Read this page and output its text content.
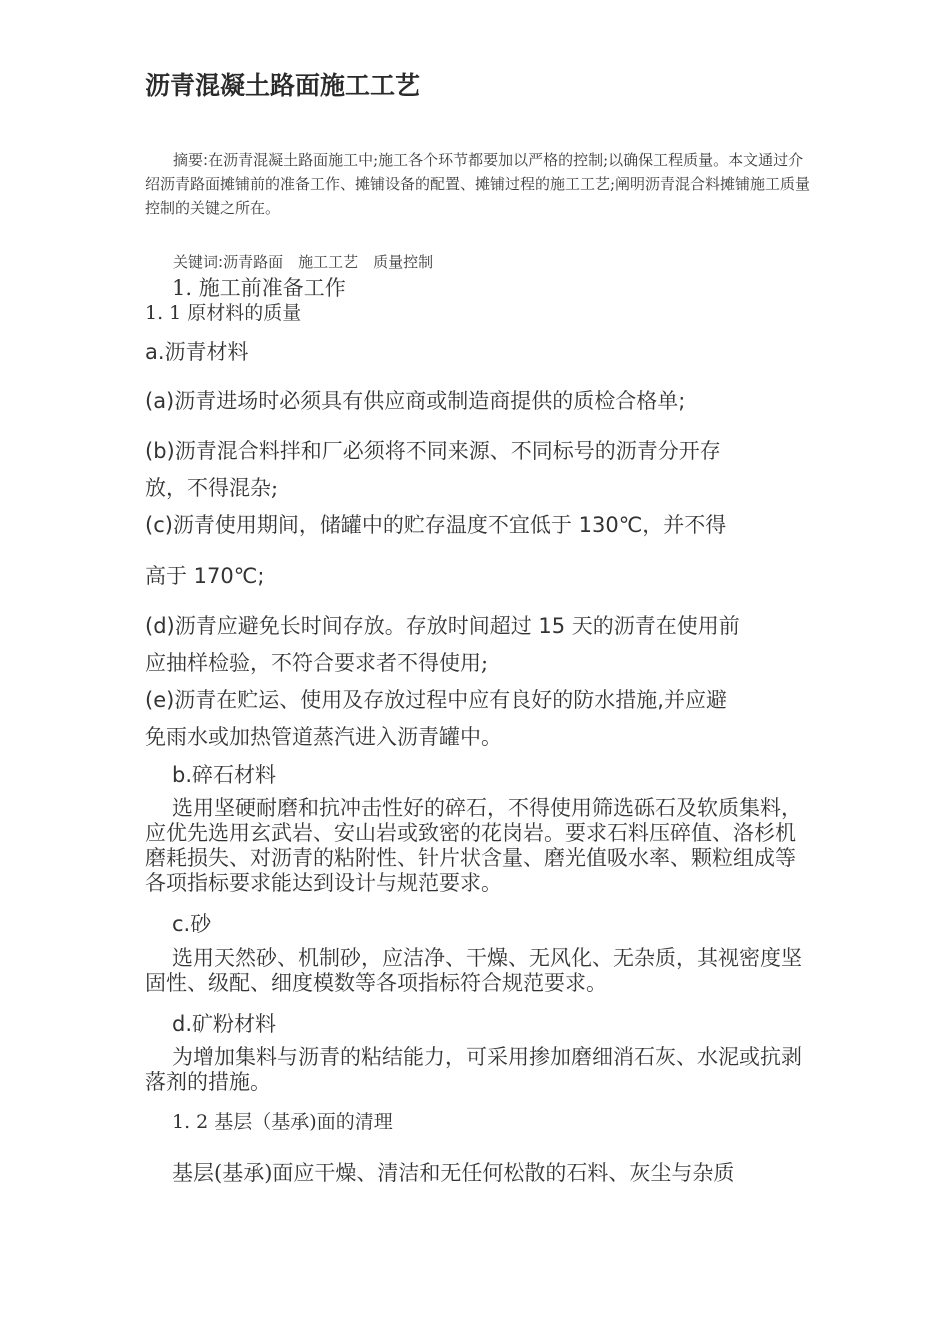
沥青混凝土路面施工工艺

摘要:在沥青混凝土路面施工中;施工各个环节都要加以严格的控制;以确保工程质量。本文通过介绍沥青路面摊铺前的准备工作、摊铺设备的配置、摊铺过程的施工工艺;阐明沥青混合料摊铺施工质量控制的关键之所在。

关键词:沥青路面　施工工艺　质量控制

1. 施工前准备工作
1. 1 原材料的质量
a.沥青材料
(a)沥青进场时必须具有供应商或制造商提供的质检合格单;
(b)沥青混合料拌和厂必须将不同来源、不同标号的沥青分开存
放，不得混杂;
(c)沥青使用期间，储罐中的贮存温度不宜低于 130℃，并不得
高于 170℃;
(d)沥青应避免长时间存放。存放时间超过 15 天的沥青在使用前
应抽样检验，不符合要求者不得使用;
(e)沥青在贮运、使用及存放过程中应有良好的防水措施,并应避
免雨水或加热管道蒸汽进入沥青罐中。
b.碎石材料

选用坚硬耐磨和抗冲击性好的碎石，不得使用筛选砾石及软质集料，应优先选用玄武岩、安山岩或致密的花岗岩。要求石料压碎值、洛杉机磨耗损失、对沥青的粘附性、针片状含量、磨光值吸水率、颗粒组成等各项指标要求能达到设计与规范要求。

c.砂

选用天然砂、机制砂，应洁净、干燥、无风化、无杂质，其视密度坚固性、级配、细度模数等各项指标符合规范要求。

d.矿粉材料

为增加集料与沥青的粘结能力，可采用掺加磨细消石灰、水泥或抗剥落剂的措施。

1. 2 基层（基承)面的清理
基层(基承)面应干燥、清洁和无任何松散的石料、灰尘与杂质
